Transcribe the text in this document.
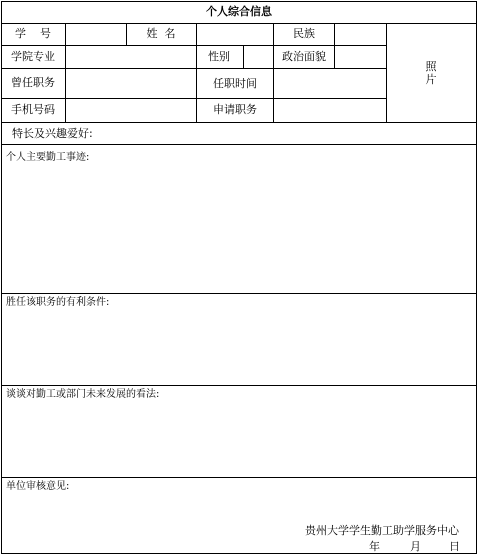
个人综合信息
学    号	姓  名	民族
学院专业	性别	政治面貌
照
片
曾任职务	任职时间
手机号码	申请职务
特长及兴趣爱好:
个人主要勤工事迹:
胜任该职务的有利条件:
谈谈对勤工或部门未来发展的看法:
单位审核意见:
贵州大学学生勤工助学服务中心
年	月	日
